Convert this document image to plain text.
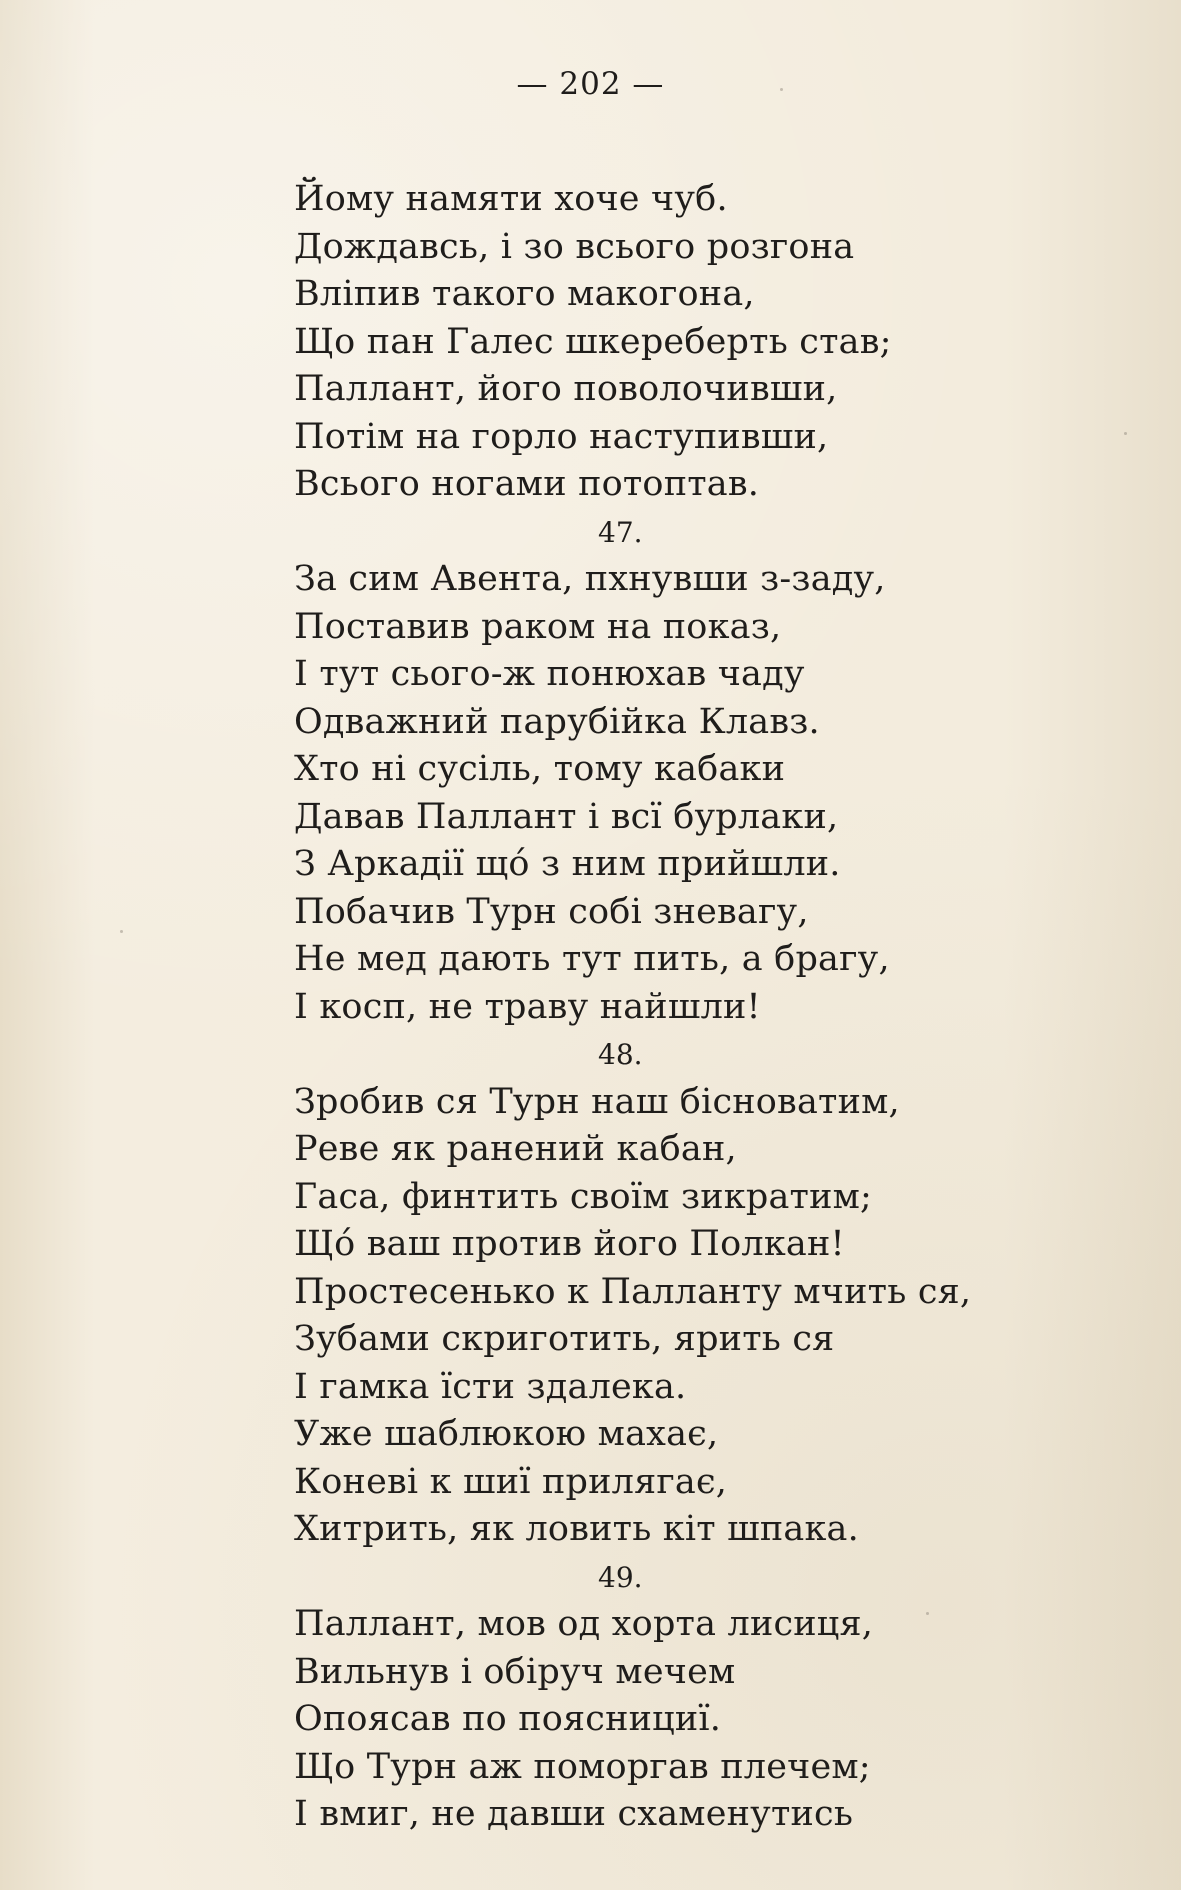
— 202 —
Йому намяти хоче чуб.
Дождавсь, і зо всього розгона
Вліпив такого макогона,
Що пан Галес шкереберть став;
Паллант, його поволочивши,
Потім на горло наступивши,
Всього ногами потоптав.
47.
За сим Авента, пхнувши з-заду,
Поставив раком на показ,
І тут сього-ж понюхав чаду
Одважний парубійка Клавз.
Хто ні сусіль, тому кабаки
Давав Паллант і всї бурлаки,
З Аркадії щó з ним прийшли.
Побачив Турн собі зневагу,
Не мед дають тут пить, а брагу,
І косп, не траву найшли!
48.
Зробив ся Турн наш бісноватим,
Реве як ранений кабан,
Гаса, финтить своїм зикратим;
Щó ваш против його Полкан!
Простесенько к Палланту мчить ся,
Зубами скриготить, ярить ся
І гамка їсти здалека.
Уже шаблюкою махає,
Коневі к шиї прилягає,
Хитрить, як ловить кіт шпака.
49.
Паллант, мов од хорта лисиця,
Вильнув і обіруч мечем
Опоясав по пояснициї.
Що Турн аж поморгав плечем;
І вмиг, не давши схаменутись
